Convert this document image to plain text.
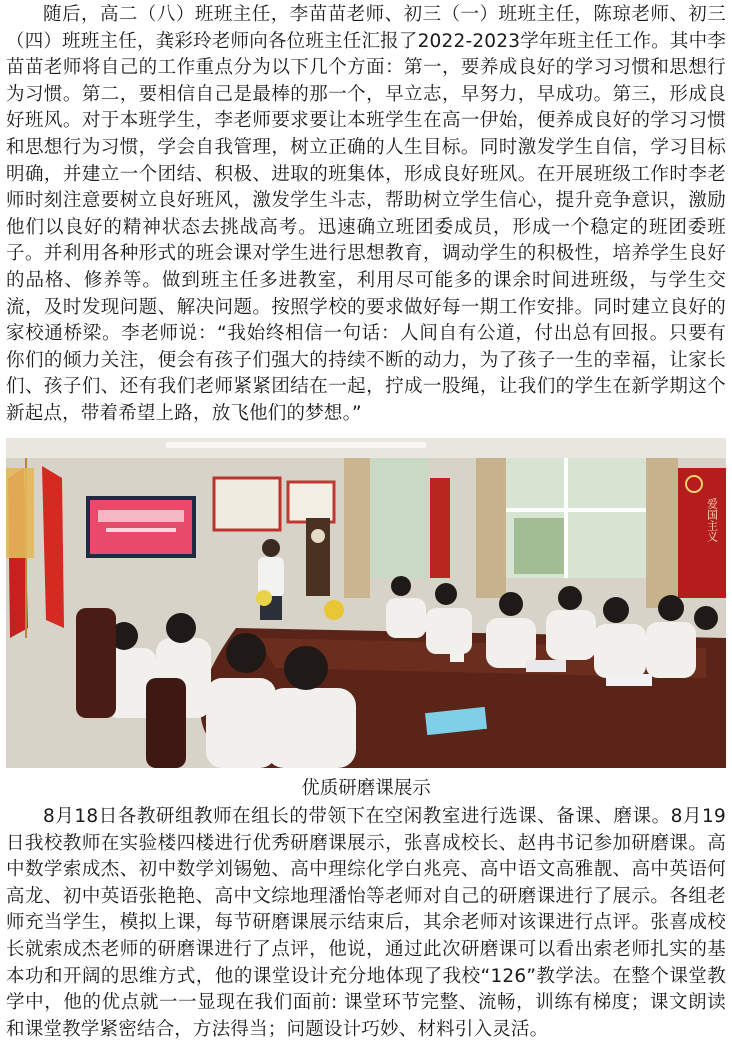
随后，高二（八）班班主任，李苗苗老师、初三（一）班班主任，陈琼老师、初三（四）班班主任，龚彩玲老师向各位班主任汇报了2022-2023学年班主任工作。其中李苗苗老师将自己的工作重点分为以下几个方面：第一，要养成良好的学习习惯和思想行为习惯。第二，要相信自己是最棒的那一个，早立志，早努力，早成功。第三，形成良好班风。对于本班学生，李老师要求要让本班学生在高一伊始，便养成良好的学习习惯和思想行为习惯，学会自我管理，树立正确的人生目标。同时激发学生自信，学习目标明确，并建立一个团结、积极、进取的班集体，形成良好班风。在开展班级工作时李老师时刻注意要树立良好班风，激发学生斗志，帮助树立学生信心，提升竞争意识，激励他们以良好的精神状态去挑战高考。迅速确立班团委成员，形成一个稳定的班团委班子。并利用各种形式的班会课对学生进行思想教育，调动学生的积极性，培养学生良好的品格、修养等。做到班主任多进教室，利用尽可能多的课余时间进班级，与学生交流，及时发现问题、解决问题。按照学校的要求做好每一期工作安排。同时建立良好的家校通桥梁。李老师说：“我始终相信一句话：人间自有公道，付出总有回报。只要有你们的倾力关注，便会有孩子们强大的持续不断的动力，为了孩子一生的幸福，让家长们、孩子们、还有我们老师紧紧团结在一起，拧成一股绳，让我们的学生在新学期这个新起点，带着希望上路，放飞他们的梦想。”

爱国主义

优质研磨课展示

8月18日各教研组教师在组长的带领下在空闲教室进行选课、备课、磨课。8月19日我校教师在实验楼四楼进行优秀研磨课展示，张喜成校长、赵冉书记参加研磨课。高中数学索成杰、初中数学刘锡勉、高中理综化学白兆亮、高中语文高雅靓、高中英语何高龙、初中英语张艳艳、高中文综地理潘怡等老师对自己的研磨课进行了展示。各组老师充当学生，模拟上课，每节研磨课展示结束后，其余老师对该课进行点评。张喜成校长就索成杰老师的研磨课进行了点评，他说，通过此次研磨课可以看出索老师扎实的基本功和开阔的思维方式，他的课堂设计充分地体现了我校“126”教学法。在整个课堂教学中，他的优点就一一显现在我们面前: 课堂环节完整、流畅，训练有梯度；课文朗读和课堂教学紧密结合，方法得当；问题设计巧妙、材料引入灵活。
